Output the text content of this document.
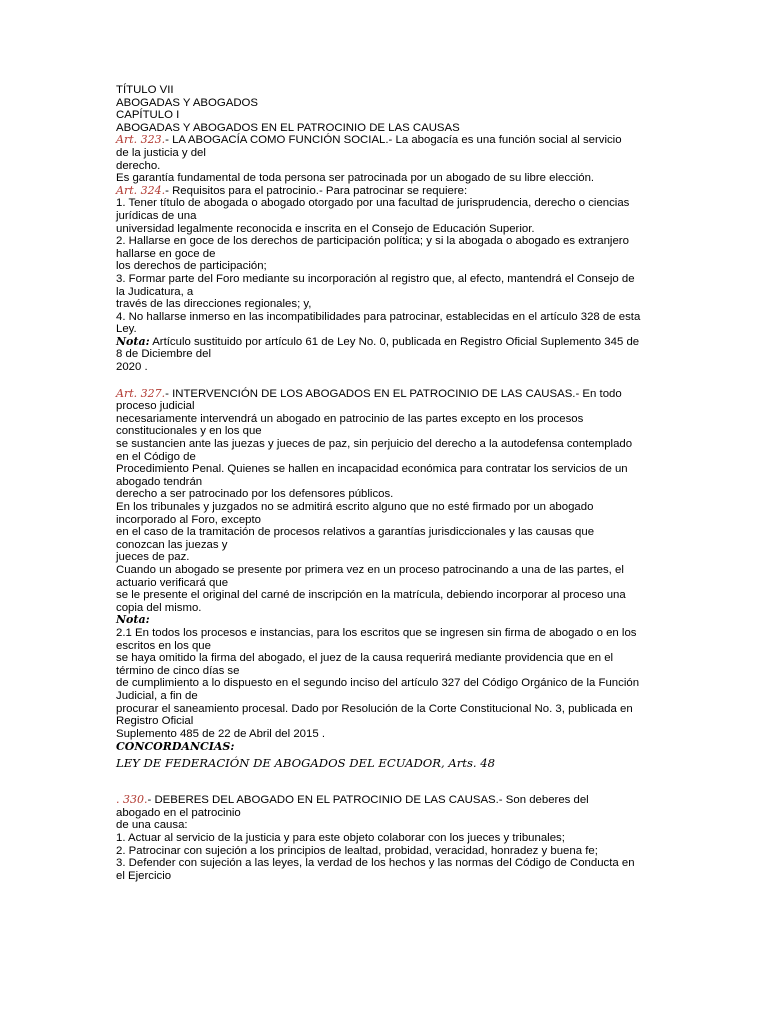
TÍTULO VII
ABOGADAS Y ABOGADOS
CAPÍTULO I
ABOGADAS Y ABOGADOS EN EL PATROCINIO DE LAS CAUSAS
Art. 323.- LA ABOGACÍA COMO FUNCIÓN SOCIAL.- La abogacía es una función social al servicio
de la justicia y del
derecho.
Es garantía fundamental de toda persona ser patrocinada por un abogado de su libre elección.
Art. 324.- Requisitos para el patrocinio.- Para patrocinar se requiere:
1. Tener título de abogada o abogado otorgado por una facultad de jurisprudencia, derecho o ciencias
jurídicas de una
universidad legalmente reconocida e inscrita en el Consejo de Educación Superior.
2. Hallarse en goce de los derechos de participación política; y si la abogada o abogado es extranjero
hallarse en goce de
los derechos de participación;
3. Formar parte del Foro mediante su incorporación al registro que, al efecto, mantendrá el Consejo de
la Judicatura, a
través de las direcciones regionales; y,
4. No hallarse inmerso en las incompatibilidades para patrocinar, establecidas en el artículo 328 de esta
Ley.
Nota: Artículo sustituido por artículo 61 de Ley No. 0, publicada en Registro Oficial Suplemento 345 de
8 de Diciembre del
2020 .
Art. 327.- INTERVENCIÓN DE LOS ABOGADOS EN EL PATROCINIO DE LAS CAUSAS.- En todo
proceso judicial
necesariamente intervendrá un abogado en patrocinio de las partes excepto en los procesos
constitucionales y en los que
se sustancien ante las juezas y jueces de paz, sin perjuicio del derecho a la autodefensa contemplado
en el Código de
Procedimiento Penal. Quienes se hallen en incapacidad económica para contratar los servicios de un
abogado tendrán
derecho a ser patrocinado por los defensores públicos.
En los tribunales y juzgados no se admitirá escrito alguno que no esté firmado por un abogado
incorporado al Foro, excepto
en el caso de la tramitación de procesos relativos a garantías jurisdiccionales y las causas que
conozcan las juezas y
jueces de paz.
Cuando un abogado se presente por primera vez en un proceso patrocinando a una de las partes, el
actuario verificará que
se le presente el original del carné de inscripción en la matrícula, debiendo incorporar al proceso una
copia del mismo.
Nota:
2.1 En todos los procesos e instancias, para los escritos que se ingresen sin firma de abogado o en los
escritos en los que
se haya omitido la firma del abogado, el juez de la causa requerirá mediante providencia que en el
término de cinco días se
de cumplimiento a lo dispuesto en el segundo inciso del artículo 327 del Código Orgánico de la Función
Judicial, a fin de
procurar el saneamiento procesal. Dado por Resolución de la Corte Constitucional No. 3, publicada en
Registro Oficial
Suplemento 485 de 22 de Abril del 2015 .
CONCORDANCIAS:
LEY DE FEDERACIÓN DE ABOGADOS DEL ECUADOR, Arts. 48
. 330.- DEBERES DEL ABOGADO EN EL PATROCINIO DE LAS CAUSAS.- Son deberes del
abogado en el patrocinio
de una causa:
1. Actuar al servicio de la justicia y para este objeto colaborar con los jueces y tribunales;
2. Patrocinar con sujeción a los principios de lealtad, probidad, veracidad, honradez y buena fe;
3. Defender con sujeción a las leyes, la verdad de los hechos y las normas del Código de Conducta en
el Ejercicio
